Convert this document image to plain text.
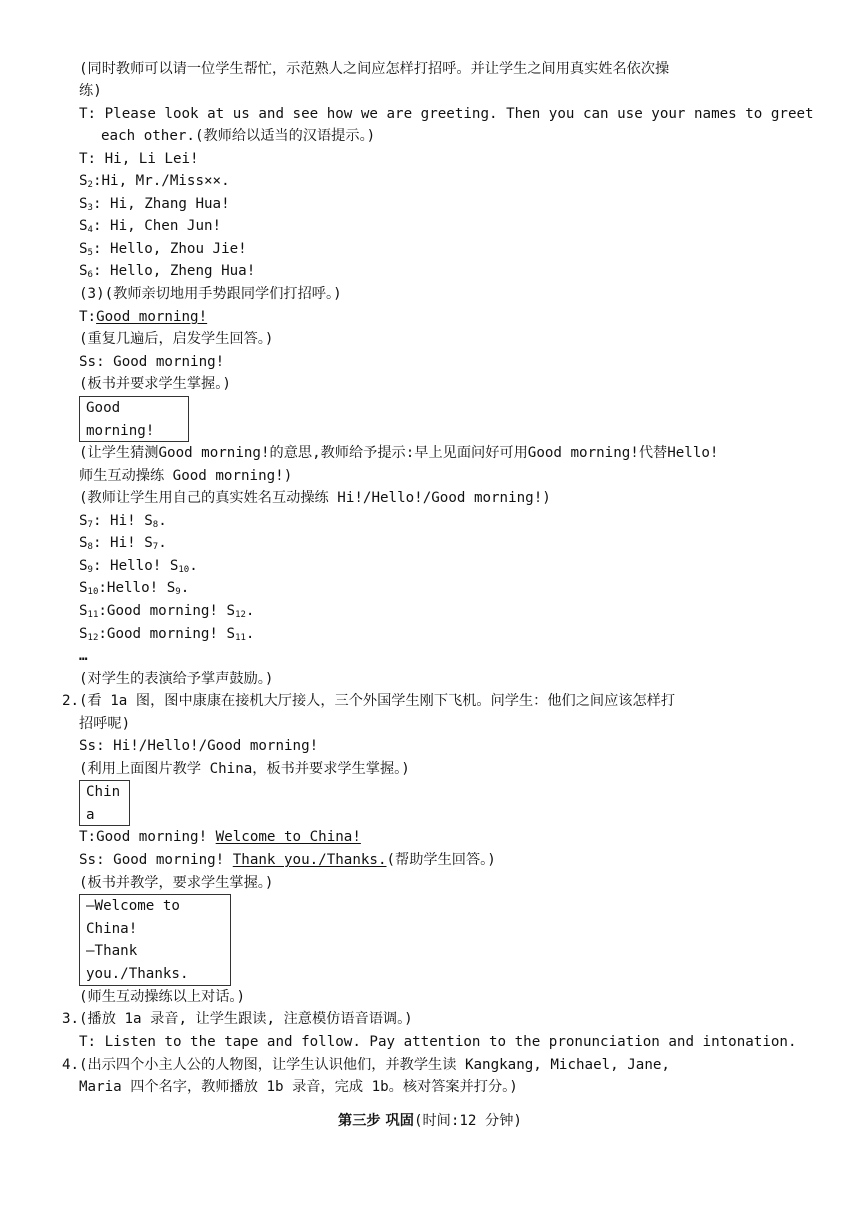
(同时教师可以请一位学生帮忙，示范熟人之间应怎样打招呼。并让学生之间用真实姓名依次操
练)
T: Please look at us and see how we are greeting. Then you can use your names to greet
each other.(教师给以适当的汉语提示。)
T: Hi, Li Lei!
$S_2:Hi$, Mr./Miss××.
$S_3$: Hi, Zhang Hua!
$S_4$: Hi, Chen Jun!
$S_5$: Hello, Zhou Jie!
$S_6$: Hello, Zheng Hua!
(3)(教师亲切地用手势跟同学们打招呼。)
T:Good morning!
(重复几遍后，启发学生回答。)
Ss: Good morning!
(板书并要求学生掌握。)
Good
morning!
(让学生猜测Good morning!的意思,教师给予提示:早上见面问好可用Good morning!代替Hello!
师生互动操练 Good morning!)
(教师让学生用自己的真实姓名互动操练 Hi!/Hello!/Good morning!)
$S_7$: Hi! $S_8$.
$S_8$: Hi! $S_7$.
$S_9$: Hello! $S_{10}$.
$S_{10}:Hello$! $S_9$.
$S_{11}:Good$ morning! $S_{12}$.
$S_{12}:Good$ morning! $S_{11}$.
…
(对学生的表演给予掌声鼓励。)
2. (看 1a 图，图中康康在接机大厅接人，三个外国学生刚下飞机。问学生：他们之间应该怎样打
招呼呢)
Ss: Hi!/Hello!/Good morning!
(利用上面图片教学 China，板书并要求学生掌握。)
Chin
a
T:Good morning! Welcome to China!
Ss: Good morning! Thank you./Thanks.(帮助学生回答。)
(板书并教学，要求学生掌握。)
—Welcome to
China!
—Thank
you./Thanks.
(师生互动操练以上对话。)
3. (播放 1a 录音, 让学生跟读, 注意模仿语音语调。)
T: Listen to the tape and follow. Pay attention to the pronunciation and intonation.
4. (出示四个小主人公的人物图，让学生认识他们，并教学生读 Kangkang, Michael, Jane,
Maria 四个名字，教师播放 1b 录音，完成 1b。核对答案并打分。)
第三步 巩固(时间:12 分钟)
